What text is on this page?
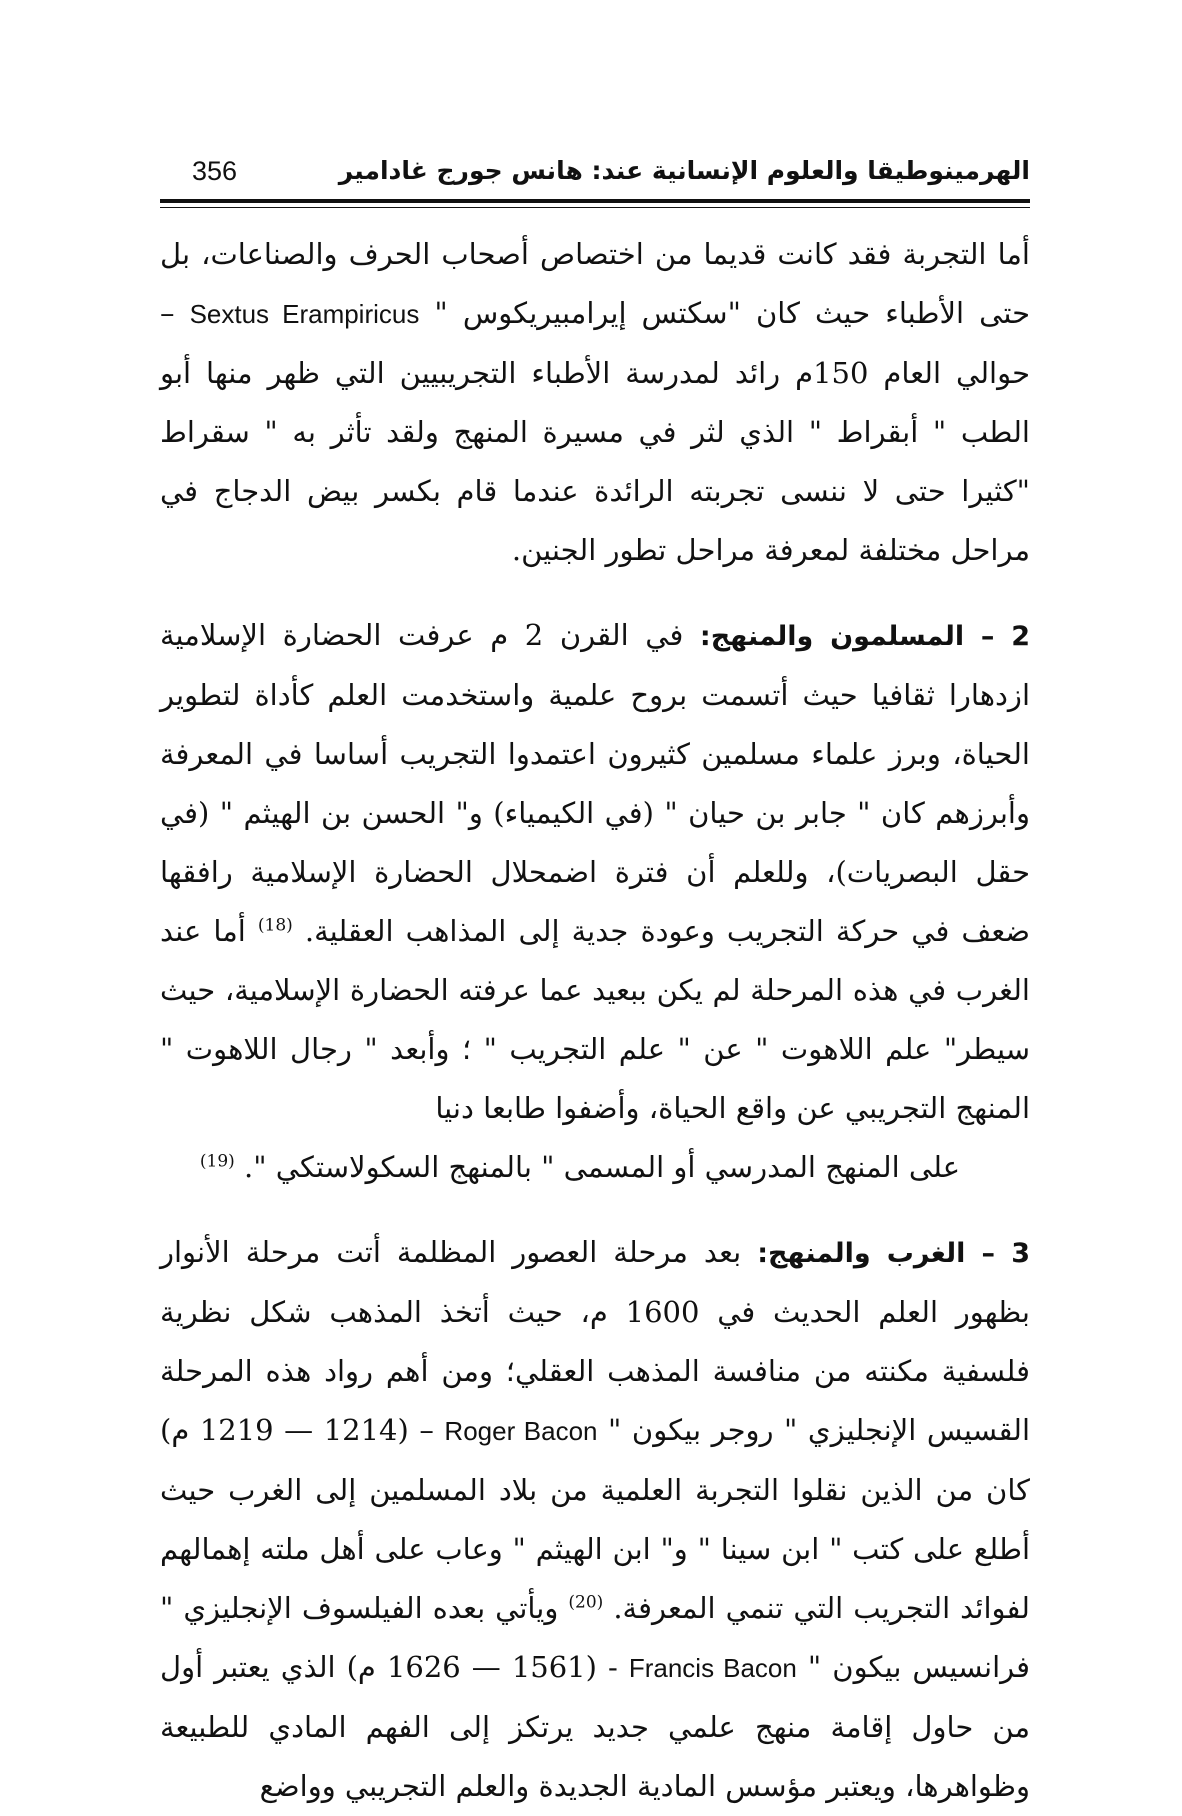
356	الهرمينوطيقا والعلوم الإنسانية عند: هانس جورج غادامير

أما التجربة فقد كانت قديما من اختصاص أصحاب الحرف والصناعات، بل حتى الأطباء حيث كان "سكتس إيرامبيريكوس " Sextus Erampiricus – حوالي العام 150م رائد لمدرسة الأطباء التجريبيين التي ظهر منها أبو الطب " أبقراط " الذي لثر في مسيرة المنهج ولقد تأثر به " سقراط "كثيرا حتى لا ننسى تجربته الرائدة عندما قام بكسر بيض الدجاج في مراحل مختلفة لمعرفة مراحل تطور الجنين.

2 – المسلمون والمنهج: في القرن 2 م عرفت الحضارة الإسلامية ازدهارا ثقافيا حيث أتسمت بروح علمية واستخدمت العلم كأداة لتطوير الحياة، وبرز علماء مسلمين كثيرون اعتمدوا التجريب أساسا في المعرفة وأبرزهم كان " جابر بن حيان " (في الكيمياء) و" الحسن بن الهيثم " (في حقل البصريات)، وللعلم أن فترة اضمحلال الحضارة الإسلامية رافقها ضعف في حركة التجريب وعودة جدية إلى المذاهب العقلية. $^{(18)}$ أما عند الغرب في هذه المرحلة لم يكن ببعيد عما عرفته الحضارة الإسلامية، حيث سيطر" علم اللاهوت " عن " علم التجريب " ؛ وأبعد " رجال اللاهوت " المنهج التجريبي عن واقع الحياة، وأضفوا طابعا دنيا
على المنهج المدرسي أو المسمى " بالمنهج السكولاستكي ". $^{(19)}$

3 – الغرب والمنهج: بعد مرحلة العصور المظلمة أتت مرحلة الأنوار بظهور العلم الحديث في 1600 م، حيث أتخذ المذهب شكل نظرية فلسفية مكنته من منافسة المذهب العقلي؛ ومن أهم رواد هذه المرحلة القسيس الإنجليزي " روجر بيكون " Roger Bacon – (1214 — 1219 م) كان من الذين نقلوا التجربة العلمية من بلاد المسلمين إلى الغرب حيث أطلع على كتب " ابن سينا " و" ابن الهيثم " وعاب على أهل ملته إهمالهم لفوائد التجريب التي تنمي المعرفة. $^{(20)}$ ويأتي بعده الفيلسوف الإنجليزي " فرانسيس بيكون " Francis Bacon - (1561 — 1626 م) الذي يعتبر أول من حاول إقامة منهج علمي جديد يرتكز إلى الفهم المادي للطبيعة وظواهرها، ويعتبر مؤسس المادية الجديدة والعلم التجريبي وواضع
